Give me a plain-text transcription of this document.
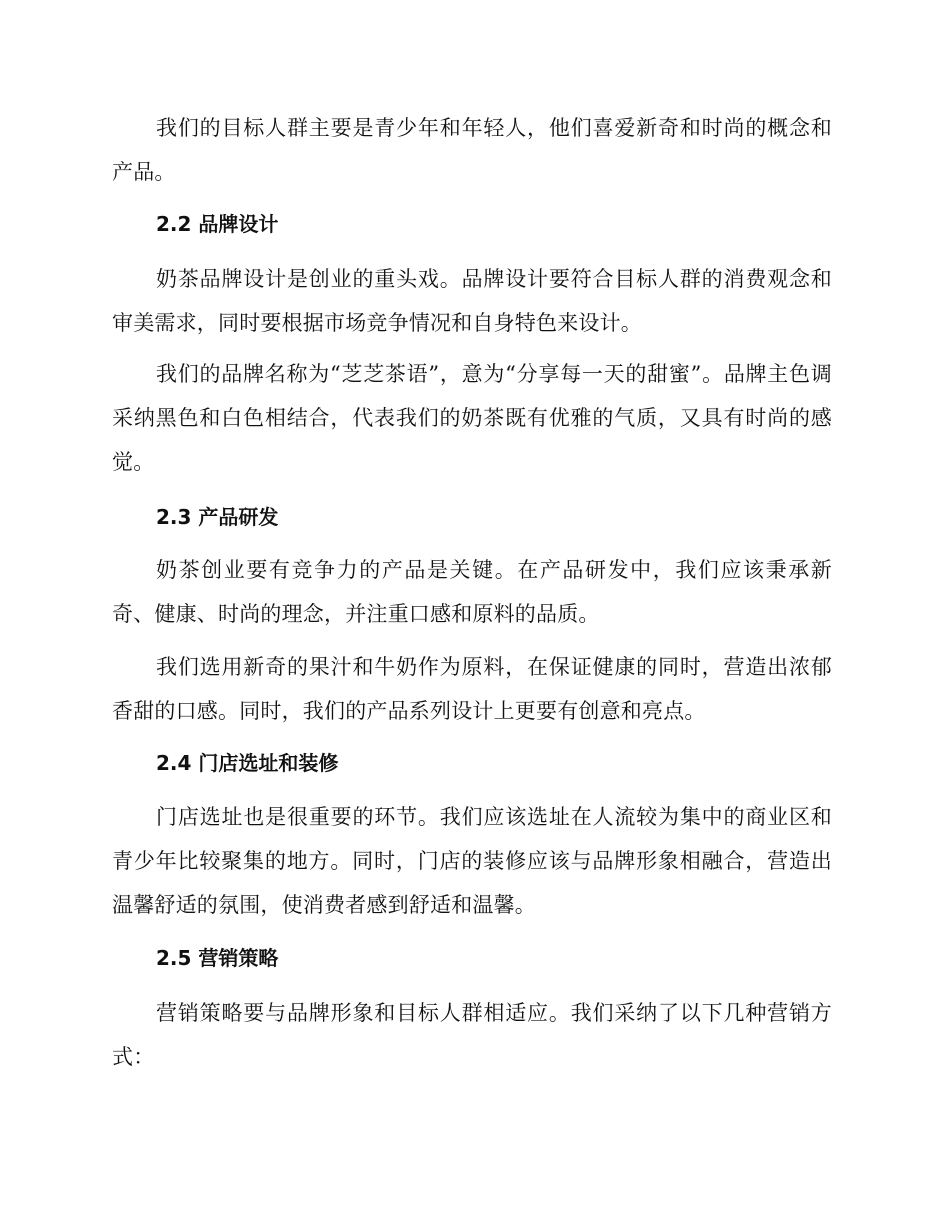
我们的目标人群主要是青少年和年轻人，他们喜爱新奇和时尚的概念和产品。

2.2 品牌设计

奶茶品牌设计是创业的重头戏。品牌设计要符合目标人群的消费观念和审美需求，同时要根据市场竞争情况和自身特色来设计。

我们的品牌名称为“芝芝茶语”，意为“分享每一天的甜蜜”。品牌主色调采纳黑色和白色相结合，代表我们的奶茶既有优雅的气质，又具有时尚的感觉。

2.3 产品研发

奶茶创业要有竞争力的产品是关键。在产品研发中，我们应该秉承新奇、健康、时尚的理念，并注重口感和原料的品质。

我们选用新奇的果汁和牛奶作为原料，在保证健康的同时，营造出浓郁香甜的口感。同时，我们的产品系列设计上更要有创意和亮点。

2.4 门店选址和装修

门店选址也是很重要的环节。我们应该选址在人流较为集中的商业区和青少年比较聚集的地方。同时，门店的装修应该与品牌形象相融合，营造出温馨舒适的氛围，使消费者感到舒适和温馨。

2.5 营销策略

营销策略要与品牌形象和目标人群相适应。我们采纳了以下几种营销方式：
